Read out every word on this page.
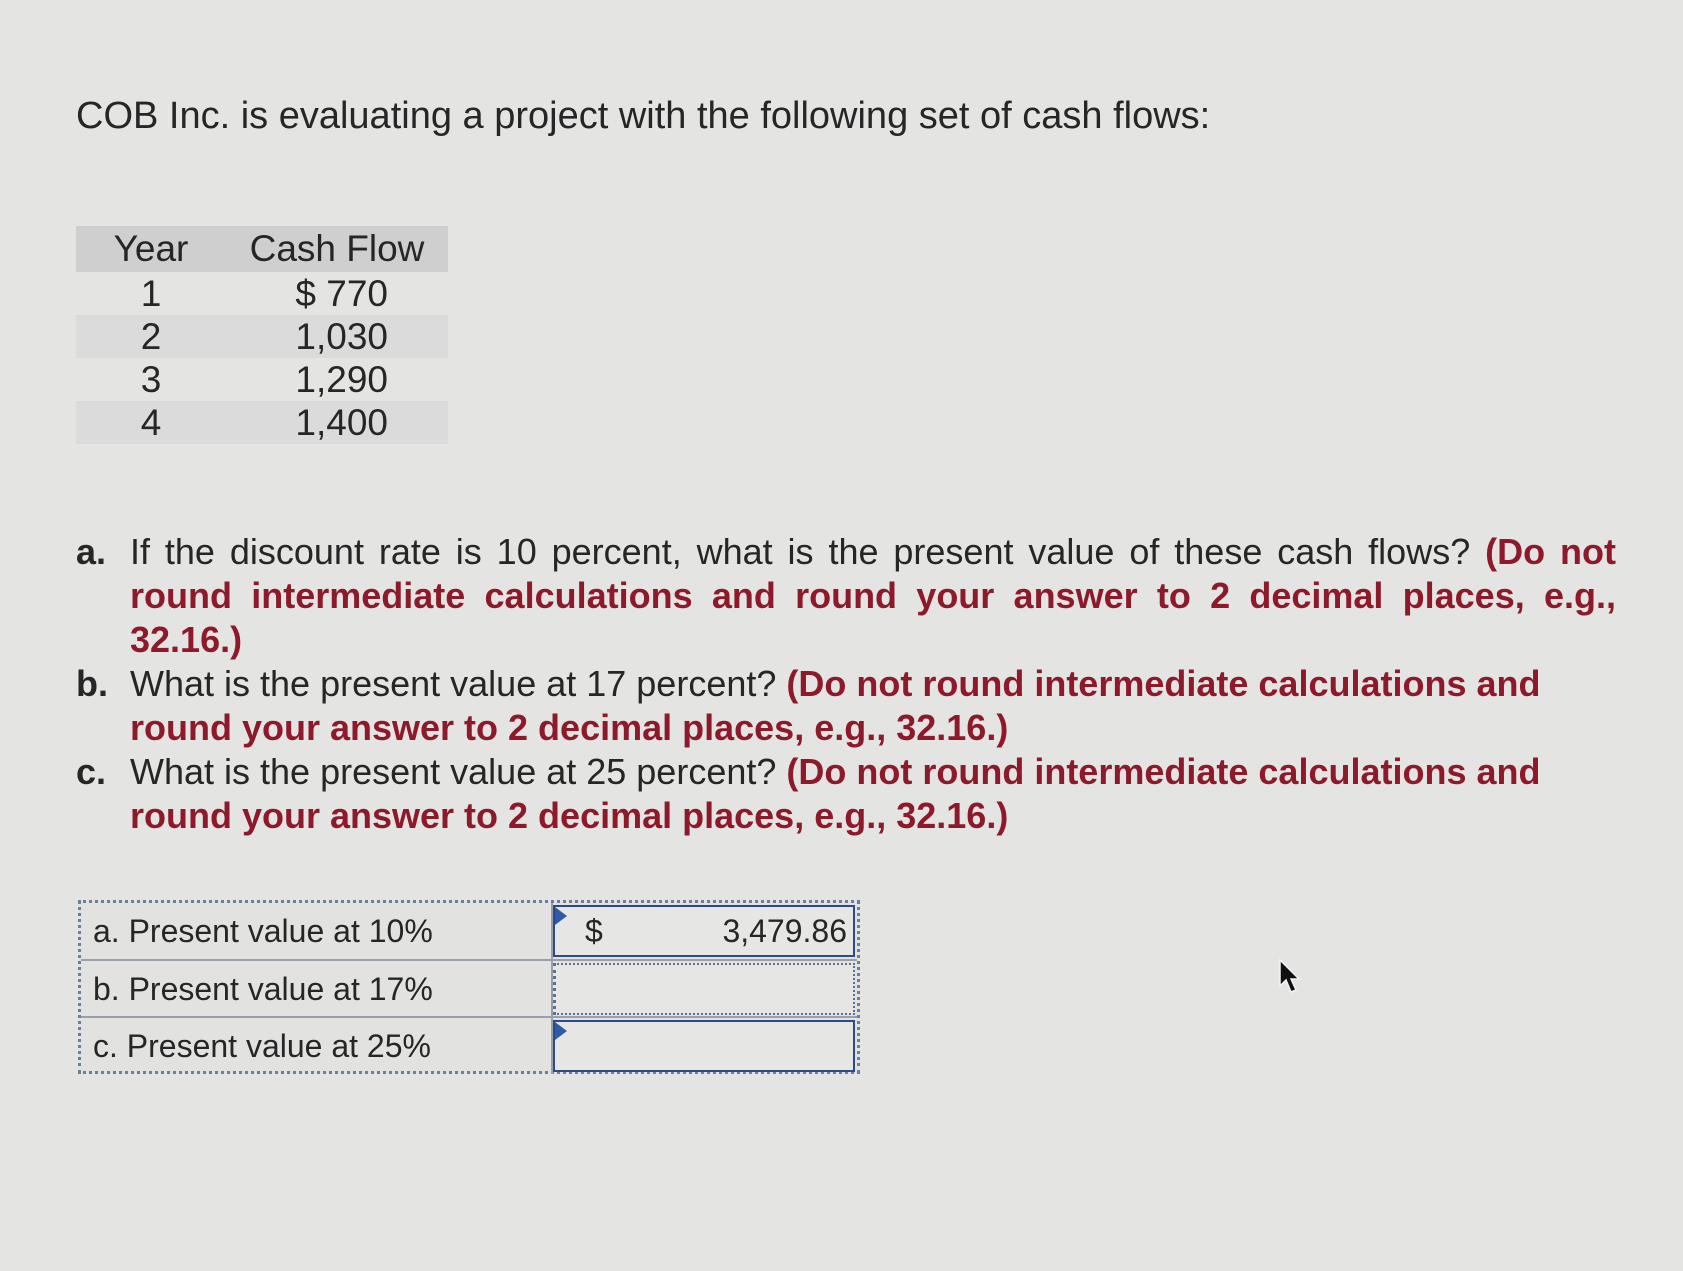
COB Inc. is evaluating a project with the following set of cash flows:
Year	Cash Flow
1	$ 770
2	1,030
3	1,290
4	1,400
a. If the discount rate is 10 percent, what is the present value of these cash flows? (Do not round intermediate calculations and round your answer to 2 decimal places, e.g., 32.16.)
b. What is the present value at 17 percent? (Do not round intermediate calculations and round your answer to 2 decimal places, e.g., 32.16.)
c. What is the present value at 25 percent? (Do not round intermediate calculations and round your answer to 2 decimal places, e.g., 32.16.)
a. Present value at 10%	$	3,479.86
b. Present value at 17%
c. Present value at 25%
